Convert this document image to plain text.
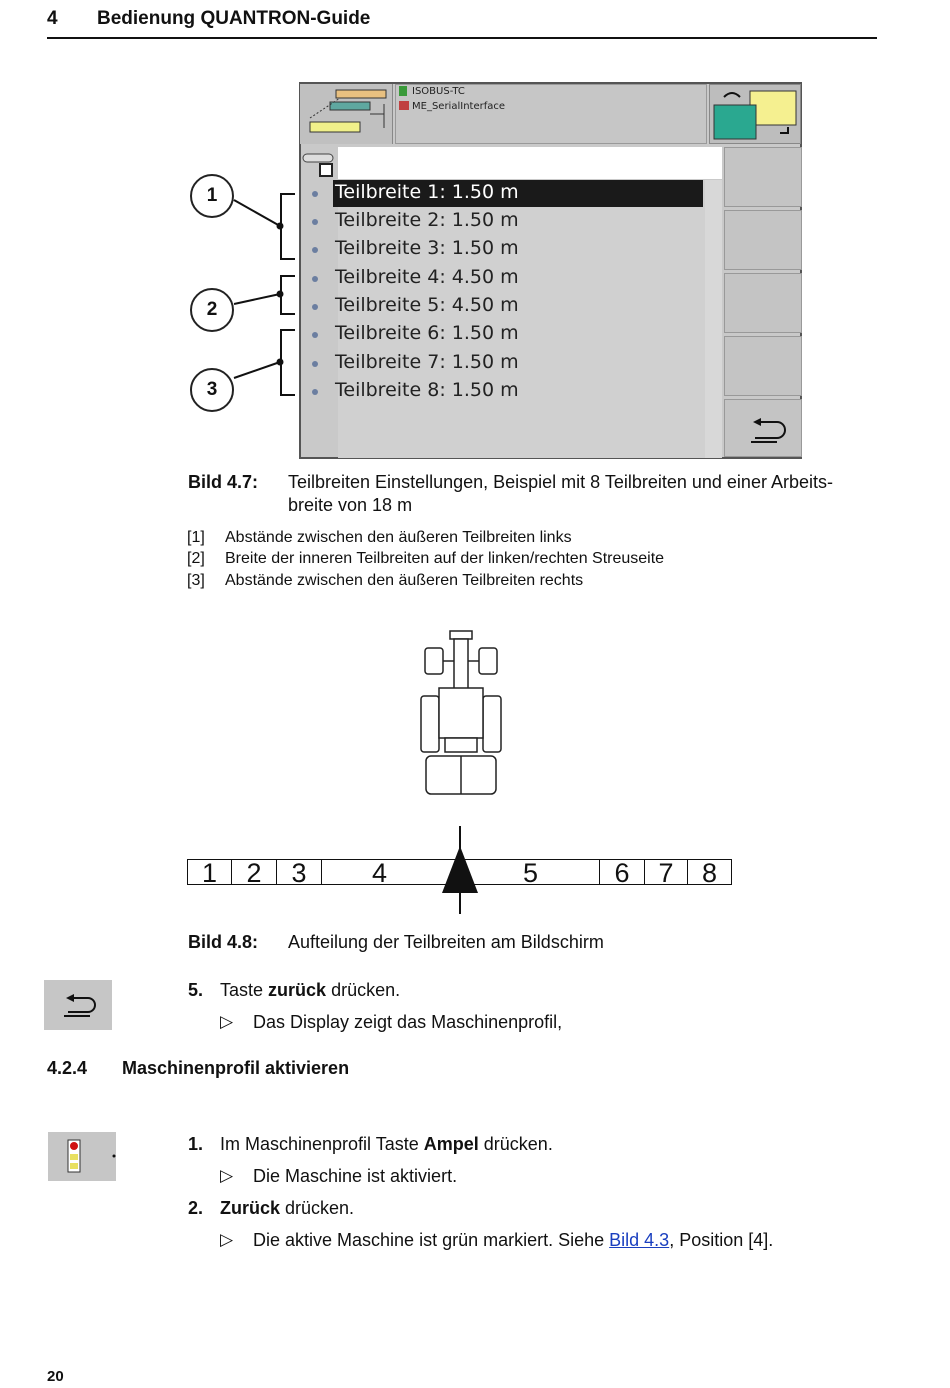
4 Bedienung QUANTRON-Guide
ISOBUS-TC
ME_SerialInterface
Teilbreite 1: 1.50 m
Teilbreite 2: 1.50 m
Teilbreite 3: 1.50 m
Teilbreite 4: 4.50 m
Teilbreite 5: 4.50 m
Teilbreite 6: 1.50 m
Teilbreite 7: 1.50 m
Teilbreite 8: 1.50 m
1
2
3
Bild 4.7: Teilbreiten Einstellungen, Beispiel mit 8 Teilbreiten und einer Arbeits-
breite von 18 m
[1] Abstände zwischen den äußeren Teilbreiten links
[2] Breite der inneren Teilbreiten auf der linken/rechten Streuseite
[3] Abstände zwischen den äußeren Teilbreiten rechts
1	2	3	4	5	6	7	8
Bild 4.8: Aufteilung der Teilbreiten am Bildschirm
5. Taste zurück drücken.
▷ Das Display zeigt das Maschinenprofil,
4.2.4 Maschinenprofil aktivieren
1. Im Maschinenprofil Taste Ampel drücken.
▷ Die Maschine ist aktiviert.
2. Zurück drücken.
▷ Die aktive Maschine ist grün markiert. Siehe Bild 4.3, Position [4].
20
